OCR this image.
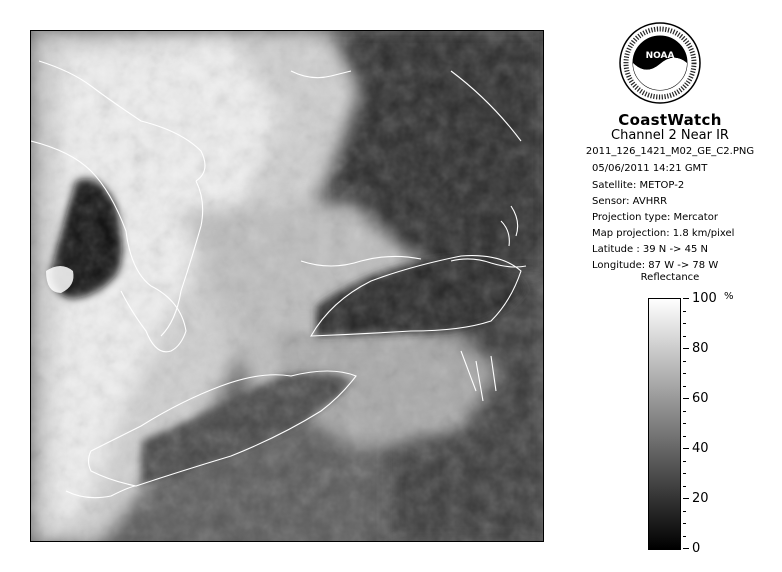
NOAA
CoastWatch
Channel 2 Near IR
2011_126_1421_M02_GE_C2.PNG
05/06/2011 14:21 GMT
Satellite: METOP-2
Sensor: AVHRR
Projection type: Mercator
Map projection: 1.8 km/pixel
Latitude : 39 N -> 45 N
Longitude: 87 W -> 78 W
Reflectance
%
100
80
60
40
20
0
